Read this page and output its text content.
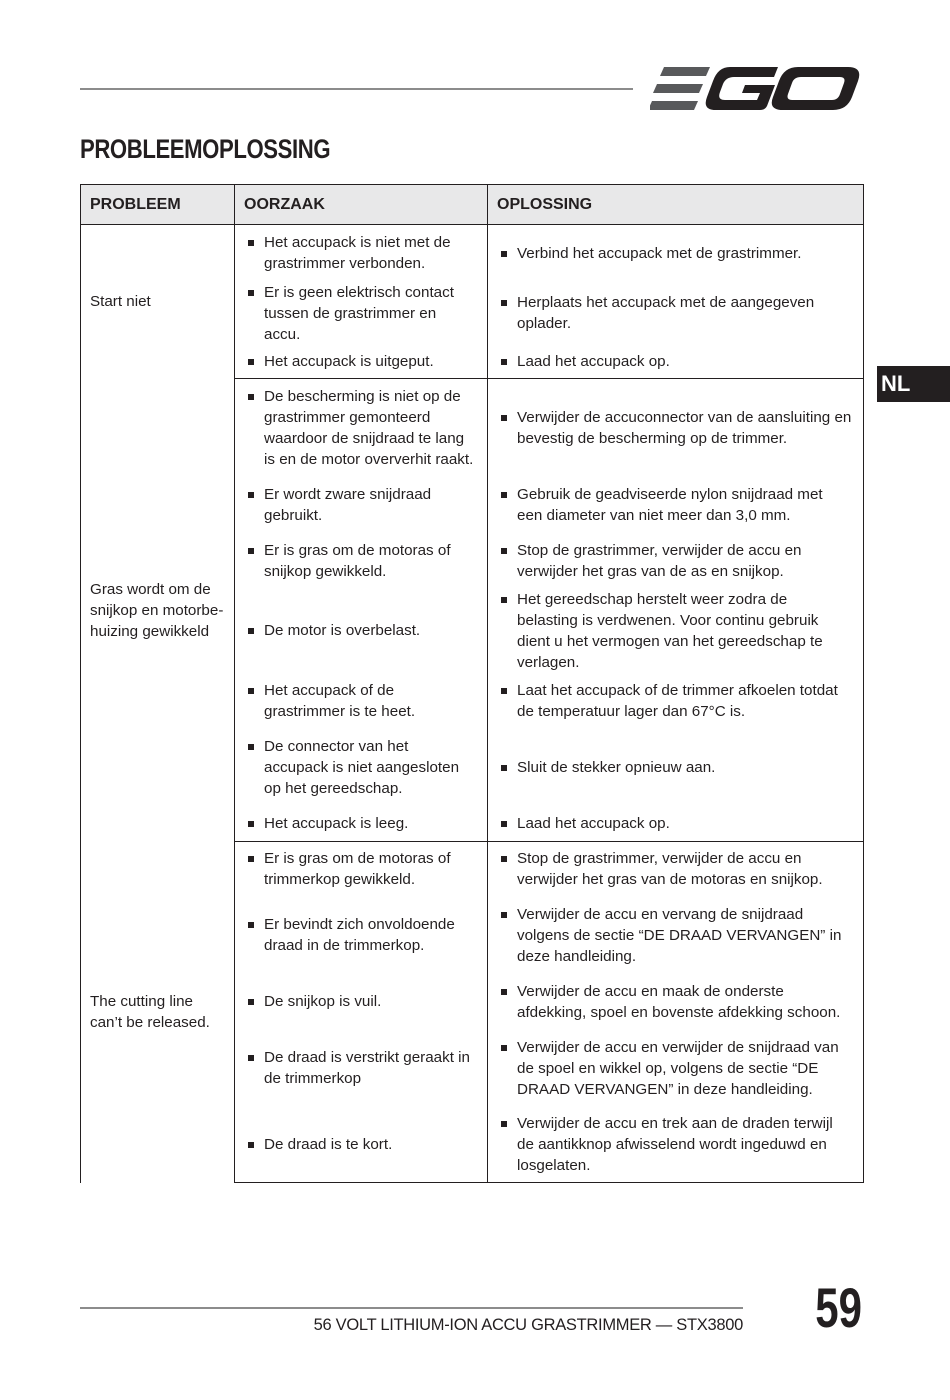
PROBLEEMOPLOSSING
NL
PROBLEEM	OORZAAK	OPLOSSING
Start niet	Het accupack is niet met de grastrimmer verbonden.	Verbind het accupack met de grastrimmer.

Er is geen elektrisch contact tussen de grastrimmer en accu.	Herplaats het accupack met de aangegeven oplader.

Het accupack is uitgeput.	Laad het accupack op.

Gras wordt om de snijkop en motorbe-huizing gewikkeld	De bescherming is niet op de grastrimmer gemonteerd waardoor de snijdraad te lang is en de motor oververhit raakt.	Verwijder de accuconnector van de aansluiting en bevestig de bescherming op de trimmer.

Er wordt zware snijdraad gebruikt.	Gebruik de geadviseerde nylon snijdraad met een diameter van niet meer dan 3,0 mm.

Er is gras om de motoras of snijkop gewikkeld.	Stop de grastrimmer, verwijder de accu en verwijder het gras van de as en snijkop.

De motor is overbelast.	Het gereedschap herstelt weer zodra de belasting is verdwenen. Voor continu gebruik dient u het vermogen van het gereedschap te verlagen.

Het accupack of de grastrimmer is te heet.	Laat het accupack of de trimmer afkoelen totdat de temperatuur lager dan 67°C is.

De connector van het accupack is niet aangesloten op het gereedschap.	Sluit de stekker opnieuw aan.

Het accupack is leeg.	Laad het accupack op.

The cutting line can’t be released.	Er is gras om de motoras of trimmerkop gewikkeld.	Stop de grastrimmer, verwijder de accu en verwijder het gras van de motoras en snijkop.

Er bevindt zich onvoldoende draad in de trimmerkop.	Verwijder de accu en vervang de snijdraad volgens de sectie “DE DRAAD VERVANGEN” in deze handleiding.

De snijkop is vuil.	Verwijder de accu en maak de onderste afdekking, spoel en bovenste afdekking schoon.

De draad is verstrikt geraakt in de trimmerkop	Verwijder de accu en verwijder de snijdraad van de spoel en wikkel op, volgens de sectie “DE DRAAD VERVANGEN” in deze handleiding.

De draad is te kort.	Verwijder de accu en trek aan de draden terwijl de aantikknop afwisselend wordt ingeduwd en losgelaten.
56 VOLT LITHIUM-ION ACCU GRASTRIMMER — STX3800 59
